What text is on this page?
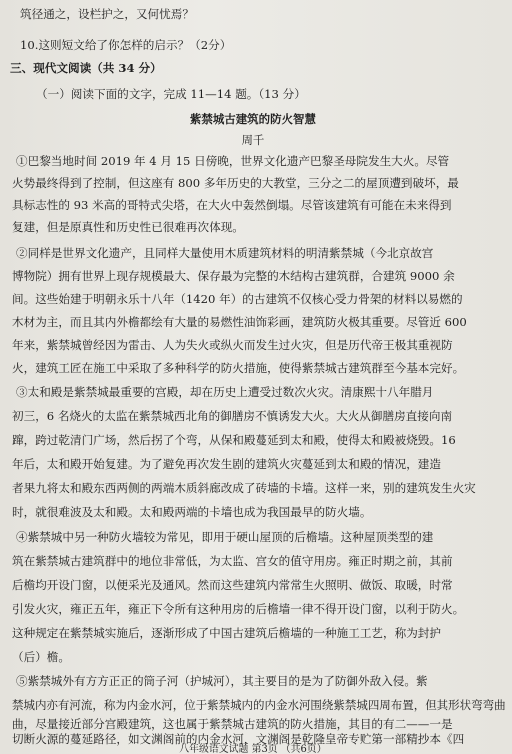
筑径通之，设栏护之，又何忧焉？
10.这则短文给了你怎样的启示？（2分）
三、现代文阅读（共 34 分）
（一）阅读下面的文字，完成 11—14 题。（13 分）
紫禁城古建筑的防火智慧
周千
①巴黎当地时间 2019 年 4 月 15 日傍晚，世界文化遗产巴黎圣母院发生大火。尽管
火势最终得到了控制，但这座有 800 多年历史的大教堂，三分之二的屋顶遭到破坏，最
具标志性的 93 米高的哥特式尖塔，在大火中轰然倒塌。尽管该建筑有可能在未来得到
复建，但是原真性和历史性已很难再次体现。
②同样是世界文化遗产，且同样大量使用木质建筑材料的明清紫禁城（今北京故宫
博物院）拥有世界上现存规模最大、保存最为完整的木结构古建筑群，合建筑 9000 余
间。这些始建于明朝永乐十八年（1420 年）的古建筑不仅核心受力骨架的材料以易燃的
木材为主，而且其内外檐都绘有大量的易燃性油饰彩画，建筑防火极其重要。尽管近 600
年来，紫禁城曾经因为雷击、人为失火或纵火而发生过火灾，但是历代帝王极其重视防
火，建筑工匠在施工中采取了多种科学的防火措施，使得紫禁城古建筑群至今基本完好。
③太和殿是紫禁城最重要的宫殿，却在历史上遭受过数次火灾。清康熙十八年腊月
初三，6 名烧火的太监在紫禁城西北角的御膳房不慎诱发大火。大火从御膳房直接向南
蹿，跨过乾清门广场，然后拐了个弯，从保和殿蔓延到太和殿，使得太和殿被烧毁。16
年后，太和殿开始复建。为了避免再次发生剧的建筑火灾蔓延到太和殿的情况，建造
者果九将太和殿东西两侧的两端木质斜廊改成了砖墙的卡墙。这样一来，别的建筑发生火灾
时，就很难波及太和殿。太和殿两端的卡墙也成为我国最早的防火墙。
④紫禁城中另一种防火墙较为常见，即用于硬山屋顶的后檐墙。这种屋顶类型的建
筑在紫禁城古建筑群中的地位非常低，为太监、宫女的值守用房。雍正时期之前，其前
后檐均开设门窗，以便采光及通风。然而这些建筑内常常生火照明、做饭、取暖，时常
引发火灾，雍正五年，雍正下令所有这种用房的后檐墙一律不得开设门窗，以利于防火。
这种规定在紫禁城实施后，逐渐形成了中国古建筑后檐墙的一种施工工艺，称为封护
（后）檐。
⑤紫禁城外有方方正正的筒子河（护城河），其主要目的是为了防御外敌入侵。紫
禁城内亦有河流，称为内金水河，位于紫禁城内的内金水河围绕紫禁城四周布置，但其形状弯弯曲
曲，尽量接近部分宫殿建筑，这也属于紫禁城古建筑的防火措施，其目的有二——一是
切断火源的蔓延路径，如文渊阁前的内金水河，文渊阁是乾隆皇帝专贮第一部精抄本《四
八年级语文试题 第3页 （共6页）
